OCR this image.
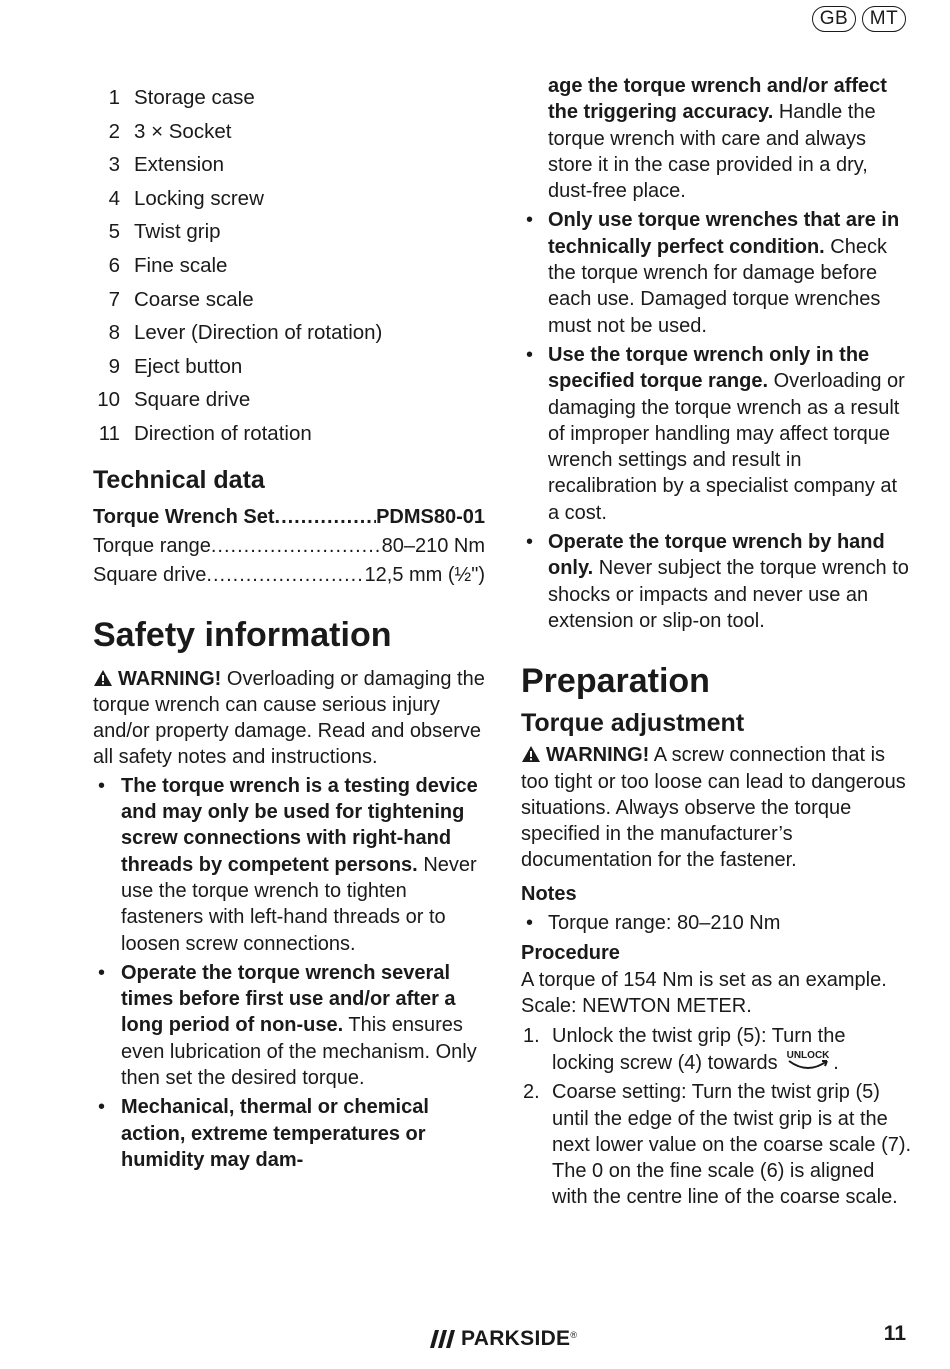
GB	MT
1 Storage case
2 3 × Socket
3 Extension
4 Locking screw
5 Twist grip
6 Fine scale
7 Coarse scale
8 Lever (Direction of rotation)
9 Eject button
10 Square drive
11 Direction of rotation
Technical data
Torque Wrench Set .....	PDMS80-01
Torque range .....	80–210 Nm
Square drive .....	12,5 mm (½")
Safety information

WARNING! Overloading or damaging the torque wrench can cause serious injury and/or property damage. Read and observe all safety notes and instructions.

• The torque wrench is a testing device and may only be used for tightening screw connections with right-hand threads by competent persons. Never use the torque wrench to tighten fasteners with left-hand threads or to loosen screw connections.
• Operate the torque wrench several times before first use and/or after a long period of non-use. This ensures even lubrication of the mechanism. Only then set the desired torque.
• Mechanical, thermal or chemical action, extreme temperatures or humidity may dam-
age the torque wrench and/or affect the triggering accuracy. Handle the torque wrench with care and always store it in the case provided in a dry, dust-free place.
• Only use torque wrenches that are in technically perfect condition. Check the torque wrench for damage before each use. Damaged torque wrenches must not be used.
• Use the torque wrench only in the specified torque range. Overloading or damaging the torque wrench as a result of improper handling may affect torque wrench settings and result in recalibration by a specialist company at a cost.
• Operate the torque wrench by hand only. Never subject the torque wrench to shocks or impacts and never use an extension or slip-on tool.
Preparation
Torque adjustment

WARNING! A screw connection that is too tight or too loose can lead to dangerous situations. Always observe the torque specified in the manufacturer’s documentation for the fastener.

Notes
• Torque range: 80–210 Nm
Procedure

A torque of 154 Nm is set as an example.

Scale: NEWTON METER.

1. Unlock the twist grip (5): Turn the locking screw (4) towards UNLOCK .
2. Coarse setting: Turn the twist grip (5) until the edge of the twist grip is at the next lower value on the coarse scale (7). The 0 on the fine scale (6) is aligned with the centre line of the coarse scale.
PARKSIDE ®	11
